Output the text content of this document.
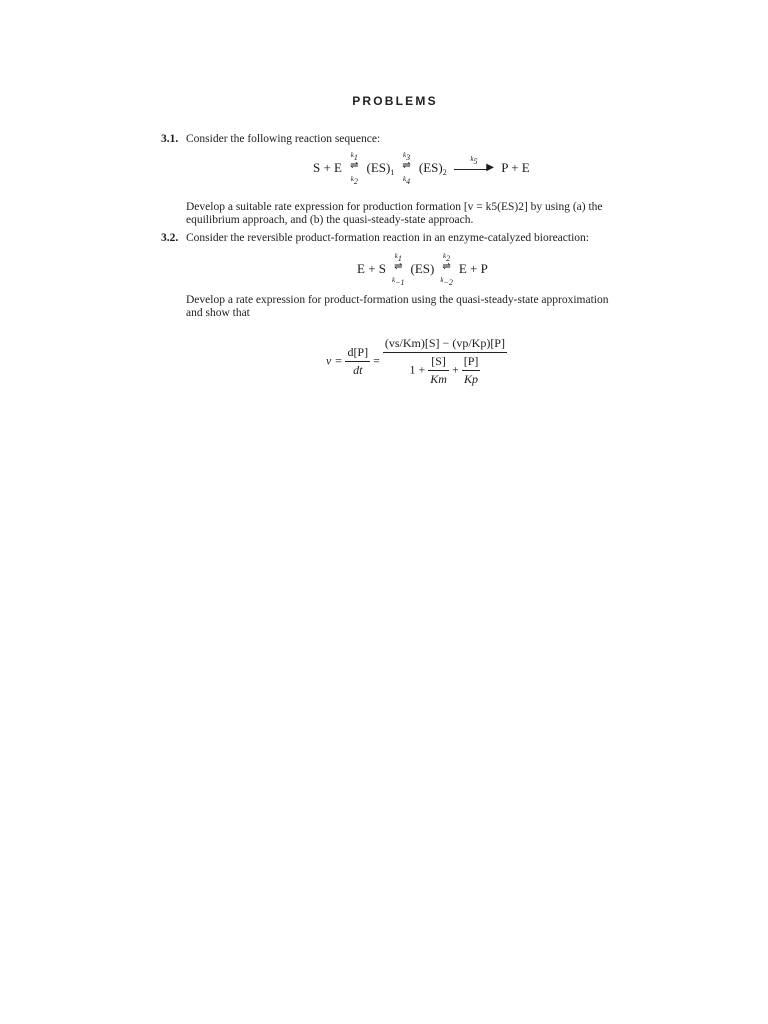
PROBLEMS
3.1. Consider the following reaction sequence:
S + E
k1
⇌
k2
$(ES)_1$
k3
⇌
k4
$(ES)_2$
k5
▶ P + E
Develop a suitable rate expression for production formation [v = k5(ES)2] by using (a) the
equilibrium approach, and (b) the quasi-steady-state approach.
3.2. Consider the reversible product-formation reaction in an enzyme-catalyzed bioreaction:
E + S
k1
⇌
k−1
(ES)
k2
⇌
k−2
E + P
Develop a rate expression for product-formation using the quasi-steady-state approximation
and show that
$v = \frac{d[P]}{dt}$ =
(vs/Km)[S] − (vp/Kp)[P]
$1 + \frac{[S]}{Km} + \frac{[P]}{Kp}$
